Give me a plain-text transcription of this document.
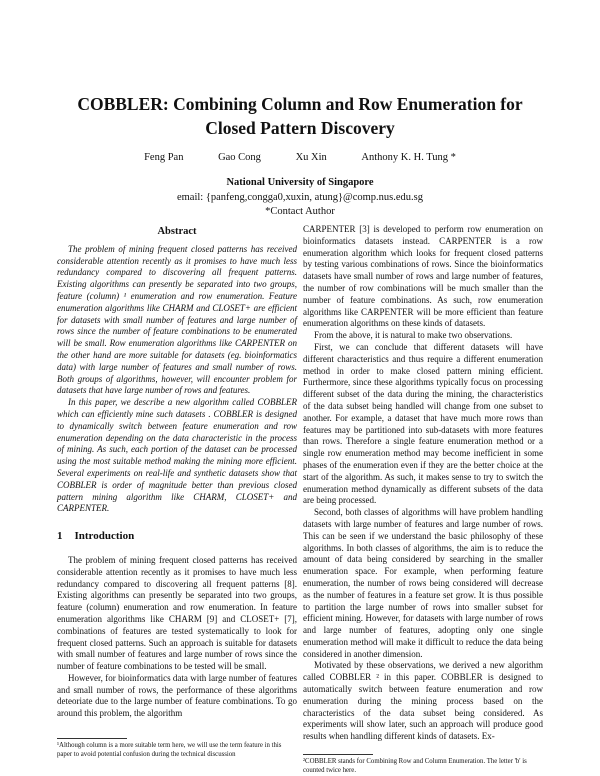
COBBLER: Combining Column and Row Enumeration for
Closed Pattern Discovery
Feng Pan	Gao Cong	Xu Xin	Anthony K. H. Tung *
National University of Singapore
email: {panfeng,congga0,xuxin, atung}@comp.nus.edu.sg
*Contact Author
Abstract

The problem of mining frequent closed patterns has received considerable attention recently as it promises to have much less redundancy compared to discovering all frequent patterns. Existing algorithms can presently be separated into two groups, feature (column) ¹ enumeration and row enumeration. Feature enumeration algorithms like CHARM and CLOSET+ are efficient for datasets with small number of features and large number of rows since the number of feature combinations to be enumerated will be small. Row enumeration algorithms like CARPENTER on the other hand are more suitable for datasets (eg. bioinformatics data) with large number of features and small number of rows. Both groups of algorithms, however, will encounter problem for datasets that have large number of rows and features.

In this paper, we describe a new algorithm called COBBLER which can efficiently mine such datasets . COBBLER is designed to dynamically switch between feature enumeration and row enumeration depending on the data characteristic in the process of mining. As such, each portion of the dataset can be processed using the most suitable method making the mining more efficient. Several experiments on real-life and synthetic datasets show that COBBLER is order of magnitude better than previous closed pattern mining algorithm like CHARM, CLOSET+ and CARPENTER.

1 Introduction

The problem of mining frequent closed patterns has received considerable attention recently as it promises to have much less redundancy compared to discovering all frequent patterns [8]. Existing algorithms can presently be separated into two groups, feature (column) enumeration and row enumeration. In feature enumeration algorithms like CHARM [9] and CLOSET+ [7], combinations of features are tested systematically to look for frequent closed patterns. Such an approach is suitable for datasets with small number of features and large number of rows since the number of feature combinations to be tested will be small.

However, for bioinformatics data with large number of features and small number of rows, the performance of these algorithms deteoriate due to the large number of feature combinations. To go around this problem, the algorithm

¹Although column is a more suitable term here, we will use the term feature in this paper to avoid potential confusion during the technical discussion

CARPENTER [3] is developed to perform row enumeration on bioinformatics datasets instead. CARPENTER is a row enumeration algorithm which looks for frequent closed patterns by testing various combinations of rows. Since the bioinformatics datasets have small number of rows and large number of features, the number of row combinations will be much smaller than the number of feature combinations. As such, row enumeration algorithms like CARPENTER will be more efficient than feature enumeration algorithms on these kinds of datasets.

From the above, it is natural to make two observations.

First, we can conclude that different datasets will have different characteristics and thus require a different enumeration method in order to make closed pattern mining efficient. Furthermore, since these algorithms typically focus on processing different subset of the data during the mining, the characteristics of the data subset being handled will change from one subset to another. For example, a dataset that have much more rows than features may be partitioned into sub-datasets with more features than rows. Therefore a single feature enumeration method or a single row enumeration method may become inefficient in some phases of the enumeration even if they are the better choice at the start of the algorithm. As such, it makes sense to try to switch the enumeration method dynamically as different subsets of the data are being processed.

Second, both classes of algorithms will have problem handling datasets with large number of features and large number of rows. This can be seen if we understand the basic philosophy of these algorithms. In both classes of algorithms, the aim is to reduce the amount of data being considered by searching in the smaller enumeration space. For example, when performing feature enumeration, the number of rows being considered will decrease as the number of features in a feature set grow. It is thus possible to partition the large number of rows into smaller subset for efficient mining. However, for datasets with large number of rows and large number of features, adopting only one single enumeration method will make it difficult to reduce the data being considered in another dimension.

Motivated by these observations, we derived a new algorithm called COBBLER ² in this paper. COBBLER is designed to automatically switch between feature enumeration and row enumeration during the mining process based on the characteristics of the data subset being considered. As experiments will show later, such an approach will produce good results when handling different kinds of datasets. Ex-

²COBBLER stands for Combining Row and Column Enumeration. The letter 'b' is counted twice here.
